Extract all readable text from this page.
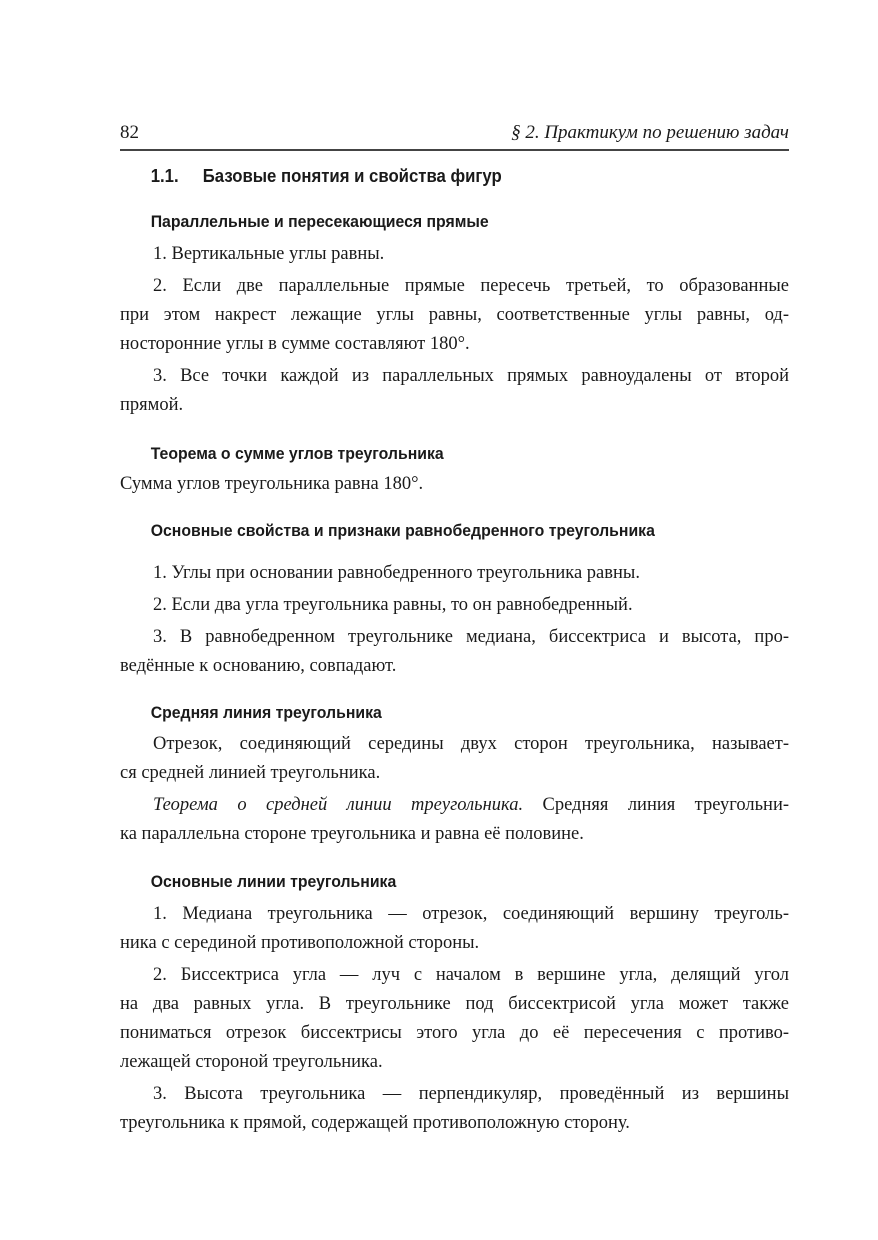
82	§ 2. Практикум по решению задач
1.1. Базовые понятия и свойства фигур
Параллельные и пересекающиеся прямые
1. Вертикальные углы равны.
2. Если две параллельные прямые пересечь третьей, то образованные
при этом накрест лежащие углы равны, соответственные углы равны, од-
носторонние углы в сумме составляют 180°.
3. Все точки каждой из параллельных прямых равноудалены от второй
прямой.
Теорема о сумме углов треугольника
Сумма углов треугольника равна 180°.
Основные свойства и признаки равнобедренного треугольника
1. Углы при основании равнобедренного треугольника равны.
2. Если два угла треугольника равны, то он равнобедренный.
3. В равнобедренном треугольнике медиана, биссектриса и высота, про-
ведённые к основанию, совпадают.
Средняя линия треугольника
Отрезок, соединяющий середины двух сторон треугольника, называет-
ся средней линией треугольника.
Теорема о средней линии треугольника. Средняя линия треугольни-
ка параллельна стороне треугольника и равна её половине.
Основные линии треугольника
1. Медиана треугольника — отрезок, соединяющий вершину треуголь-
ника с серединой противоположной стороны.
2. Биссектриса угла — луч с началом в вершине угла, делящий угол
на два равных угла. В треугольнике под биссектрисой угла может также
пониматься отрезок биссектрисы этого угла до её пересечения с противо-
лежащей стороной треугольника.
3. Высота треугольника — перпендикуляр, проведённый из вершины
треугольника к прямой, содержащей противоположную сторону.
